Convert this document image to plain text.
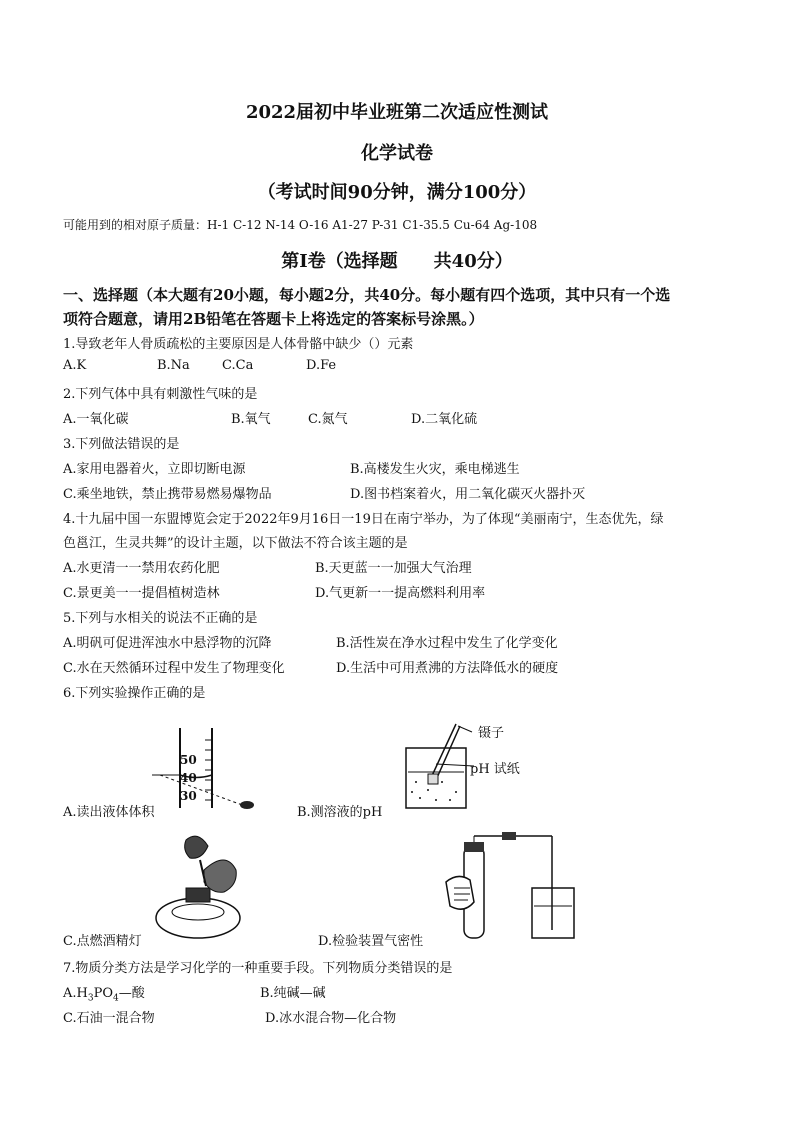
2022届初中毕业班第二次适应性测试
化学试卷
（考试时间90分钟，满分100分）
可能用到的相对原子质量：H-1 C-12 N-14 O-16 A1-27 P-31 C1-35.5 Cu-64 Ag-108
第Ⅰ卷（选择题　　共40分）
一、选择题（本大题有20小题，每小题2分，共40分。每小题有四个选项，其中只有一个选
项符合题意，请用2B铅笔在答题卡上将选定的答案标号涂黑。）
1.导致老年人骨质疏松的主要原因是人体骨骼中缺少（）元素
A.K	B.Na C.Ca	D.Fe
2.下列气体中具有刺激性气味的是
A.一氧化碳	B.氧气	C.氮气	D.二氧化硫
3.下列做法错误的是
A.家用电器着火，立即切断电源	B.高楼发生火灾，乘电梯逃生
C.乘坐地铁，禁止携带易燃易爆物品	D.图书档案着火，用二氧化碳灭火器扑灭
4.十九届中国一东盟博览会定于2022年9月16日一19日在南宁举办，为了体现“美丽南宁，生态优先，绿
色邕江，生灵共舞”的设计主题，以下做法不符合该主题的是
A.水更清一一禁用农药化肥	B.天更蓝一一加强大气治理
C.景更美一一提倡植树造林	D.气更新一一提高燃料利用率
5.下列与水相关的说法不正确的是
A.明矾可促进浑浊水中悬浮物的沉降	B.活性炭在净水过程中发生了化学变化
C.水在天然循环过程中发生了物理变化	D.生活中可用煮沸的方法降低水的硬度
6.下列实验操作正确的是
50
40
30
镊子
pH 试纸
A.读出液体体积	B.测溶液的pH
C.点燃酒精灯	D.检验装置气密性
7.物质分类方法是学习化学的一种重要手段。下列物质分类错误的是
$A.H_3PO_4—$酸	B.纯碱—碱
C.石油一混合物	D.冰水混合物—化合物
